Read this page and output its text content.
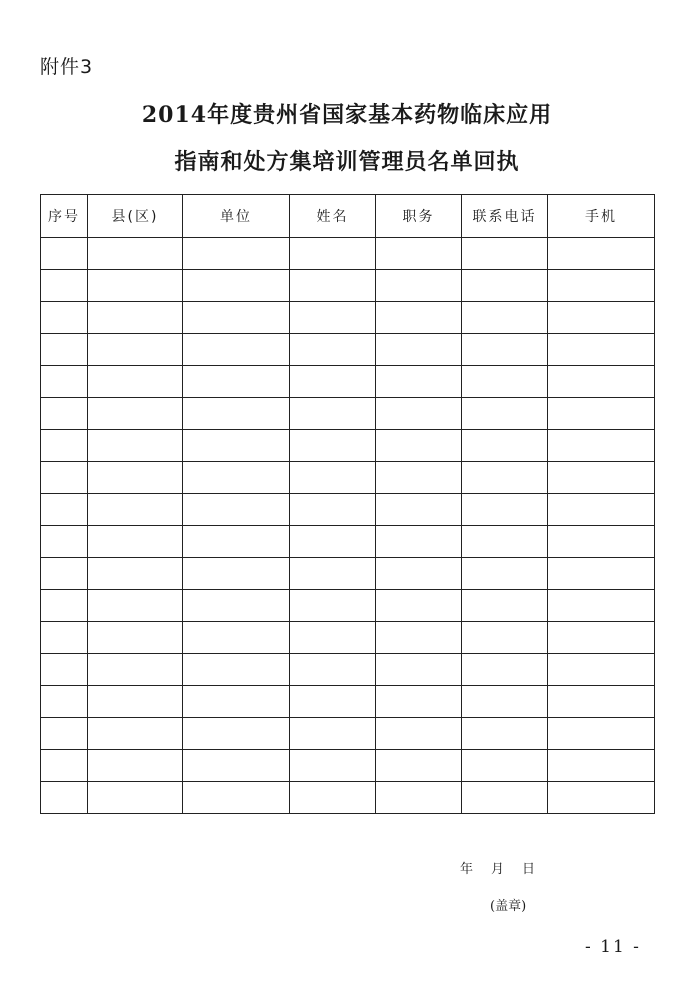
附件3
2014年度贵州省国家基本药物临床应用
指南和处方集培训管理员名单回执
序号	县(区)	单位	姓名	职务	联系电话	手机

年 月 日
(盖章)
- 11 -
